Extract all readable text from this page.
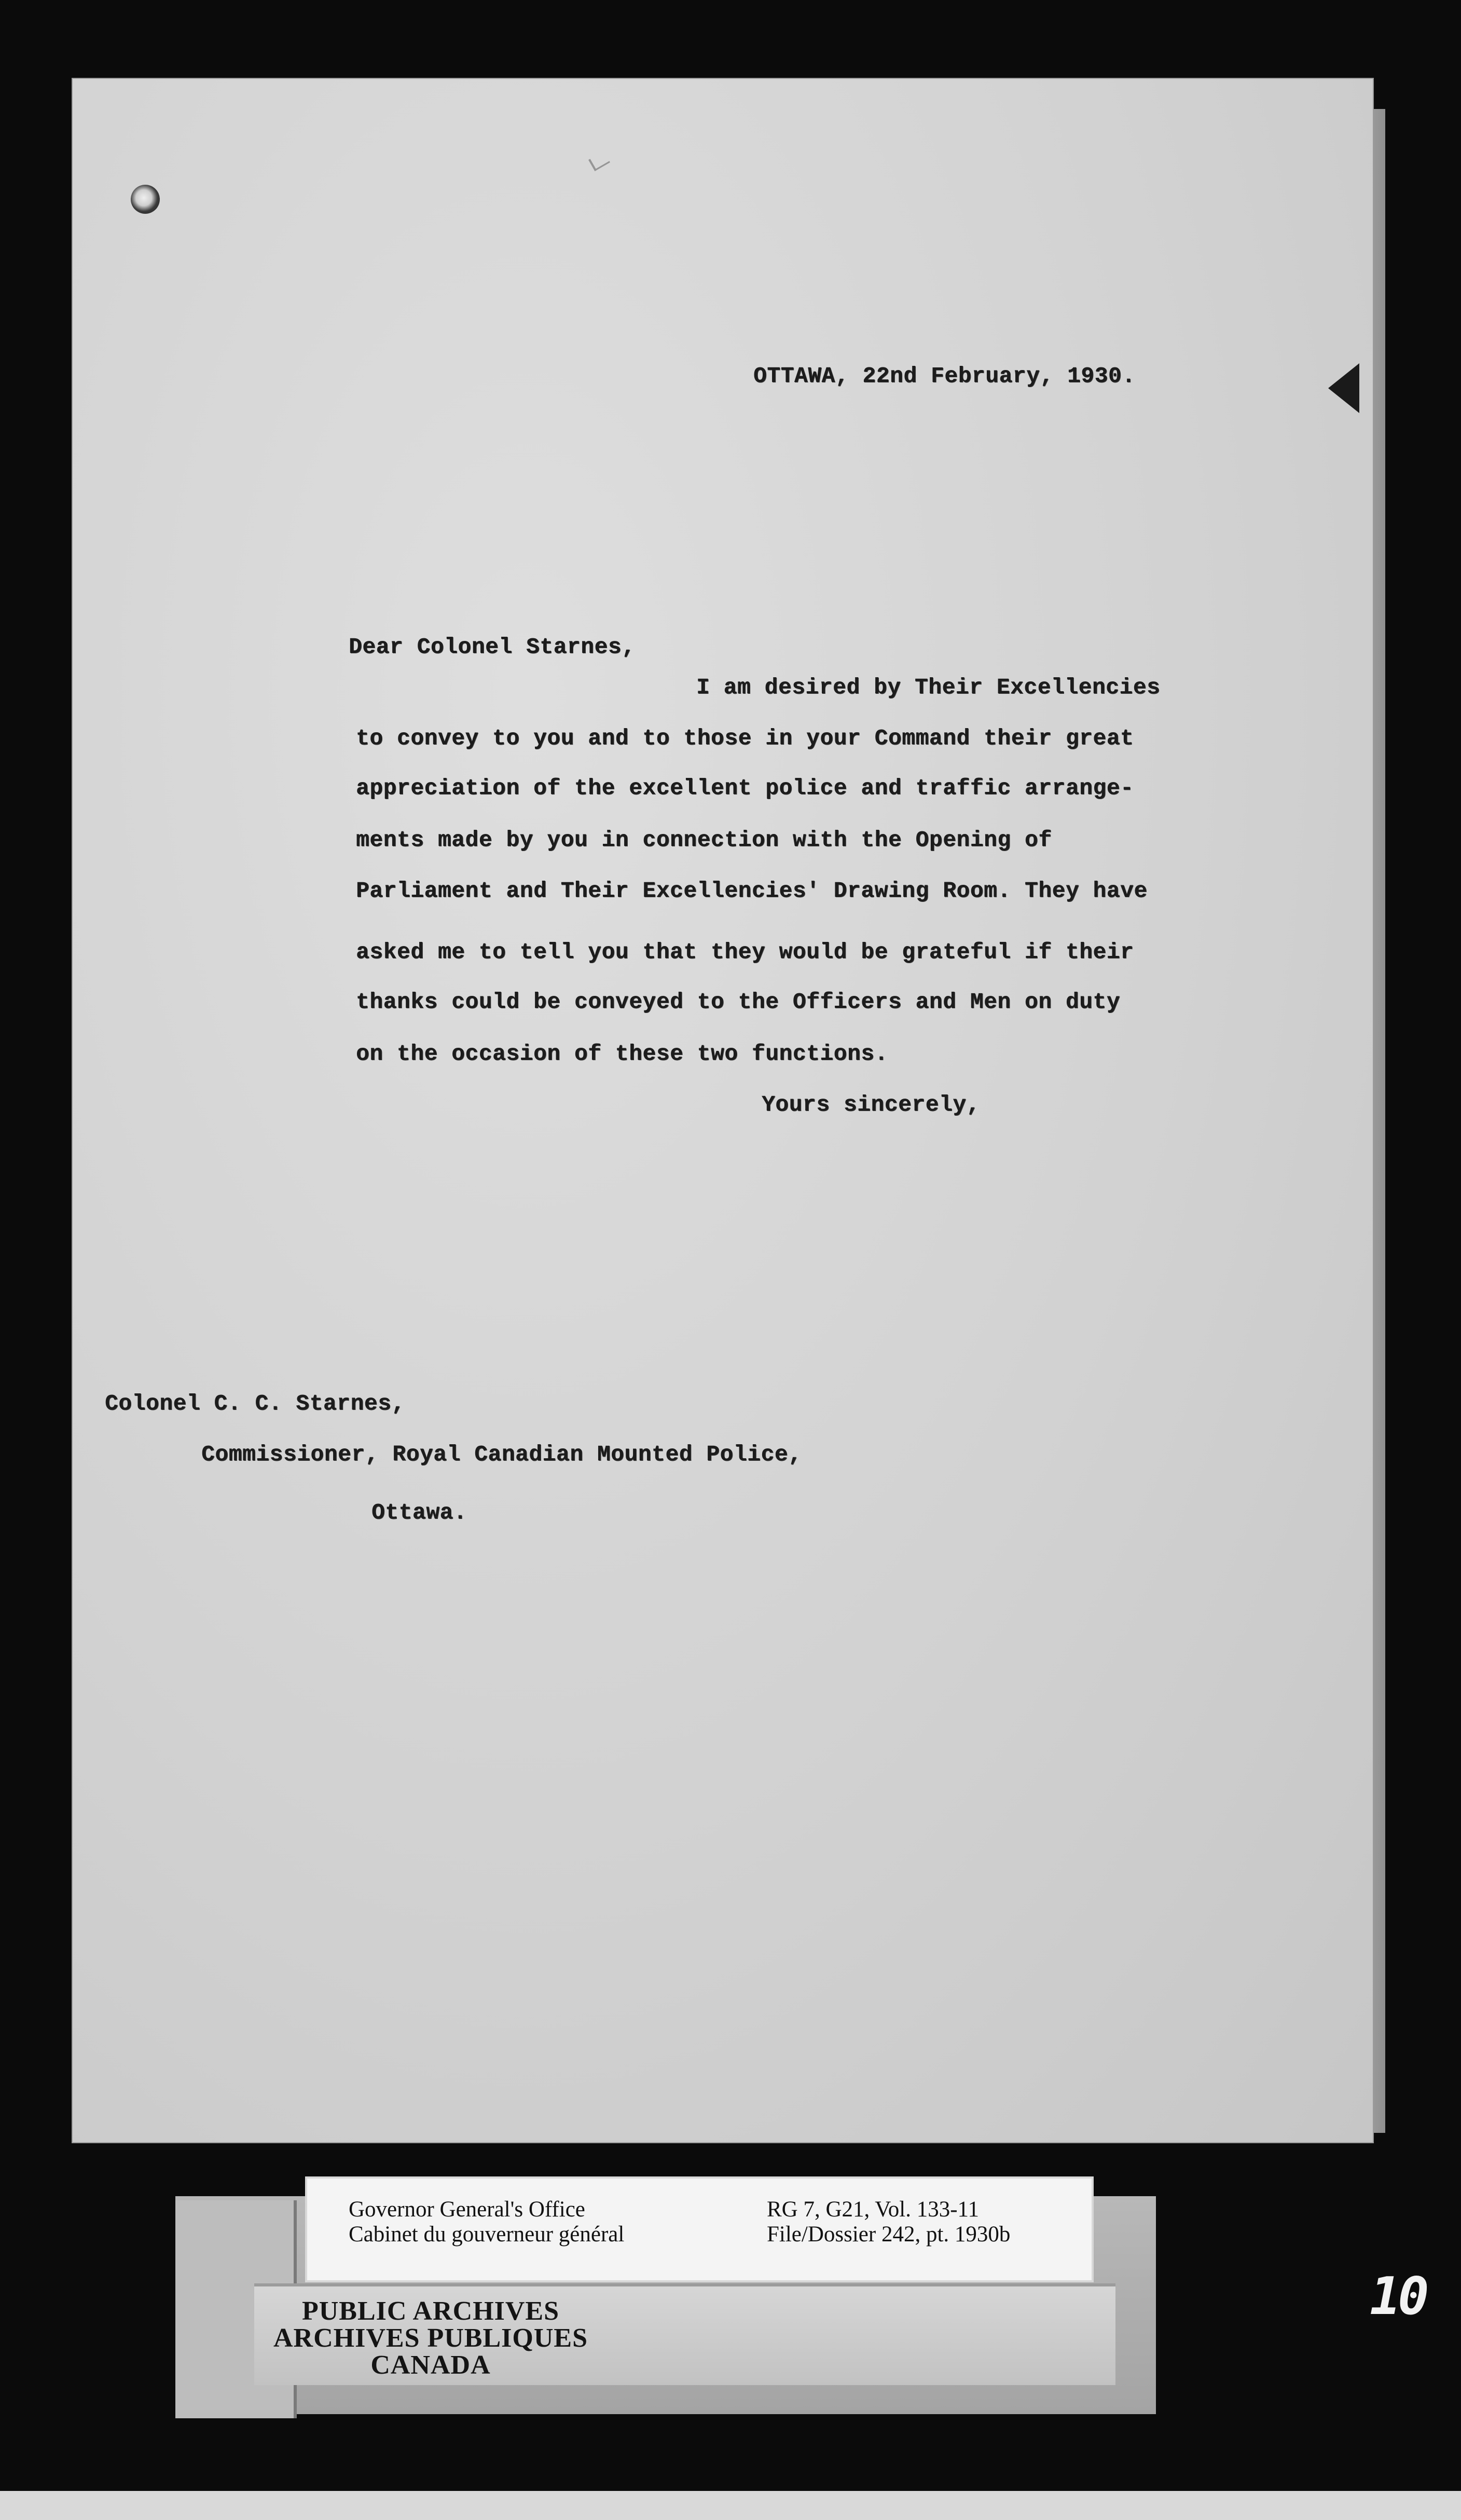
OTTAWA, 22nd February, 1930.
Dear Colonel Starnes,
I am desired by Their Excellencies
to convey to you and to those in your Command their great
appreciation of the excellent police and traffic arrange-
ments made by you in connection with the Opening of
Parliament and Their Excellencies' Drawing Room. They have
asked me to tell you that they would be grateful if their
thanks could be conveyed to the Officers and Men on duty
on the occasion of these two functions.
Yours sincerely,
Colonel C. C. Starnes,
Commissioner, Royal Canadian Mounted Police,
Ottawa.
PUBLIC ARCHIVES
ARCHIVES PUBLIQUES
CANADA
Governor General's Office
Cabinet du gouverneur général
RG 7, G21, Vol. 133-11
File/Dossier 242, pt. 1930b
10
